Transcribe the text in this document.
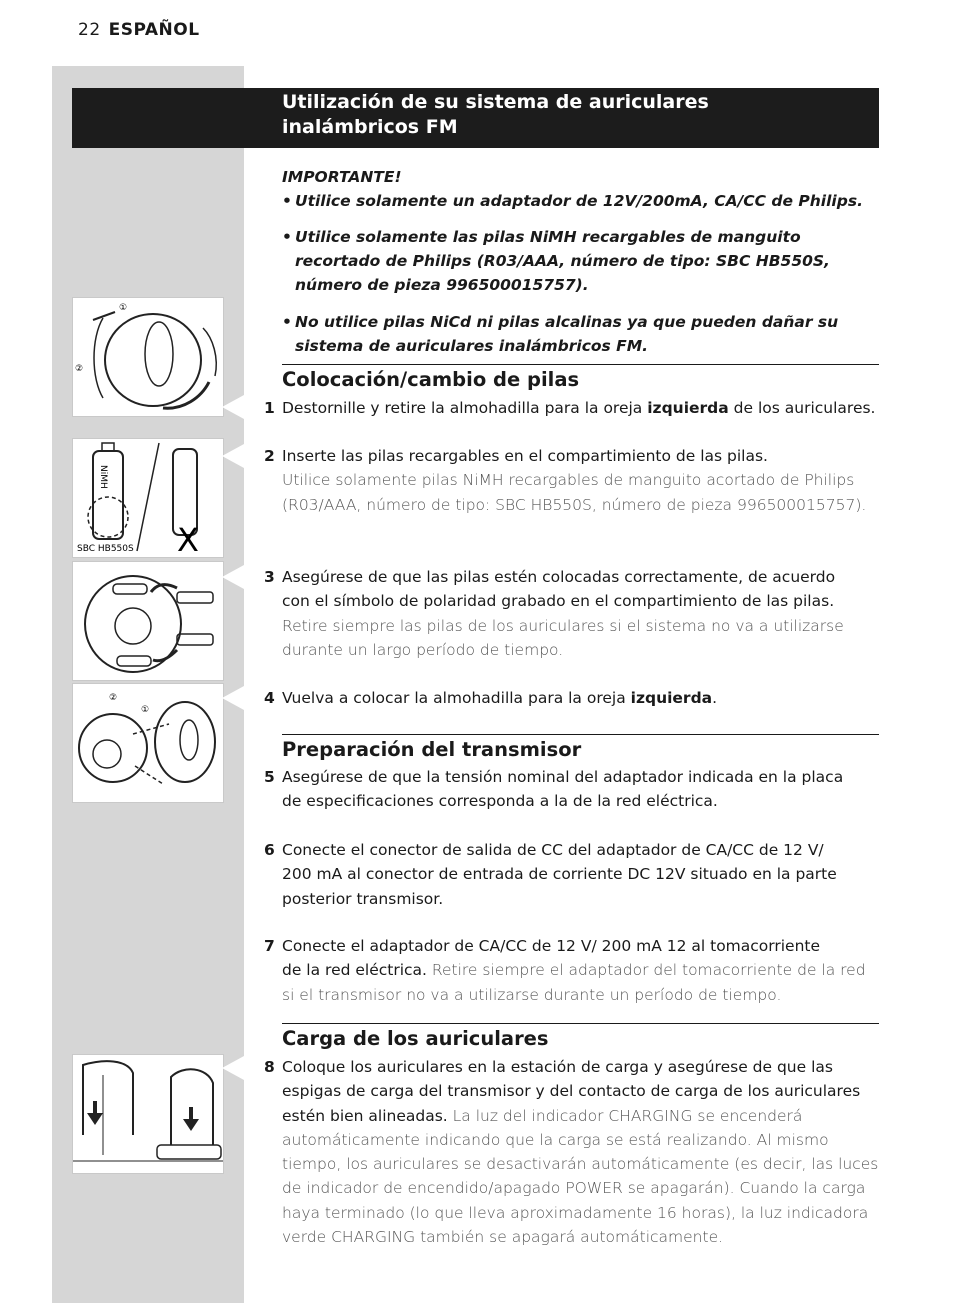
22 ESPAÑOL
Utilización de su sistema de auriculares
inalámbricos FM
IMPORTANTE!
• Utilice solamente un adaptador de 12V/200mA, CA/CC de Philips.
• Utilice solamente las pilas NiMH recargables de manguito
recortado de Philips (R03/AAA, número de tipo: SBC HB550S,
número de pieza 996500015757).
• No utilice pilas NiCd ni pilas alcalinas ya que pueden dañar su
sistema de auriculares inalámbricos FM.
Colocación/cambio de pilas
1 Destornille y retire la almohadilla para la oreja izquierda de los auriculares.
2 Inserte las pilas recargables en el compartimiento de las pilas.
Utilice solamente pilas NiMH recargables de manguito acortado de Philips
(R03/AAA, número de tipo: SBC HB550S, número de pieza 996500015757).
3 Asegúrese de que las pilas estén colocadas correctamente, de acuerdo
con el símbolo de polaridad grabado en el compartimiento de las pilas.
Retire siempre las pilas de los auriculares si el sistema no va a utilizarse
durante un largo período de tiempo.
4 Vuelva a colocar la almohadilla para la oreja izquierda.
Preparación del transmisor
5 Asegúrese de que la tensión nominal del adaptador indicada en la placa
de especificaciones corresponda a la de la red eléctrica.
6 Conecte el conector de salida de CC del adaptador de CA/CC de 12 V/
200 mA al conector de entrada de corriente DC 12V situado en la parte
posterior transmisor.
7 Conecte el adaptador de CA/CC de 12 V/ 200 mA 12 al tomacorriente
de la red eléctrica. Retire siempre el adaptador del tomacorriente de la red
si el transmisor no va a utilizarse durante un período de tiempo.
Carga de los auriculares
8 Coloque los auriculares en la estación de carga y asegúrese de que las
espigas de carga del transmisor y del contacto de carga de los auriculares
estén bien alineadas. La luz del indicador CHARGING se encenderá
automáticamente indicando que la carga se está realizando. Al mismo
tiempo, los auriculares se desactivarán automáticamente (es decir, las luces
de indicador de encendido/apagado POWER se apagarán). Cuando la carga
haya terminado (lo que lleva aproximadamente 16 horas), la luz indicadora
verde CHARGING también se apagará automáticamente.
①
②
NiMH
X
SBC HB550S
②
①
